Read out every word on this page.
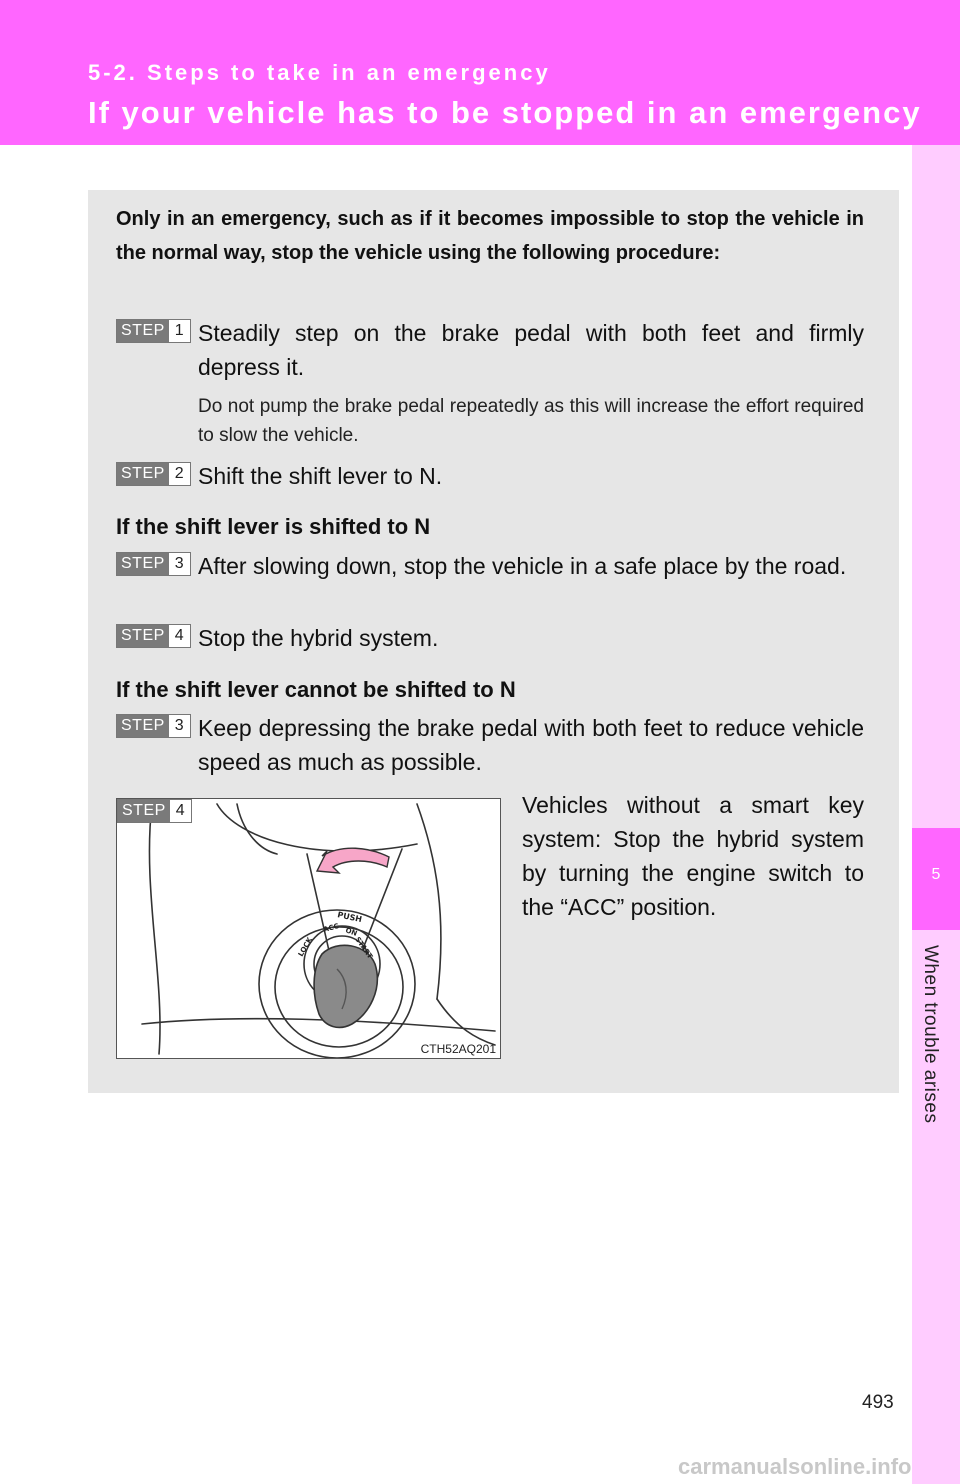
5-2. Steps to take in an emergency
If your vehicle has to be stopped in an emergency
5
When trouble arises
Only in an emergency, such as if it becomes impossible to stop the vehicle in the normal way, stop the vehicle using the following procedure:
STEP 1 Steadily step on the brake pedal with both feet and firmly depress it.
Do not pump the brake pedal repeatedly as this will increase the effort required to slow the vehicle.
STEP 2 Shift the shift lever to N.
If the shift lever is shifted to N
STEP 3 After slowing down, stop the vehicle in a safe place by the road.
STEP 4 Stop the hybrid system.
If the shift lever cannot be shifted to N
STEP 3 Keep depressing the brake pedal with both feet to reduce vehicle speed as much as possible.
LOCK
ACC ON
START
PUSH
STEP 4
CTH52AQ201
Vehicles without a smart key system: Stop the hybrid system by turning the engine switch to the “ACC” position.
493
carmanualsonline.info
